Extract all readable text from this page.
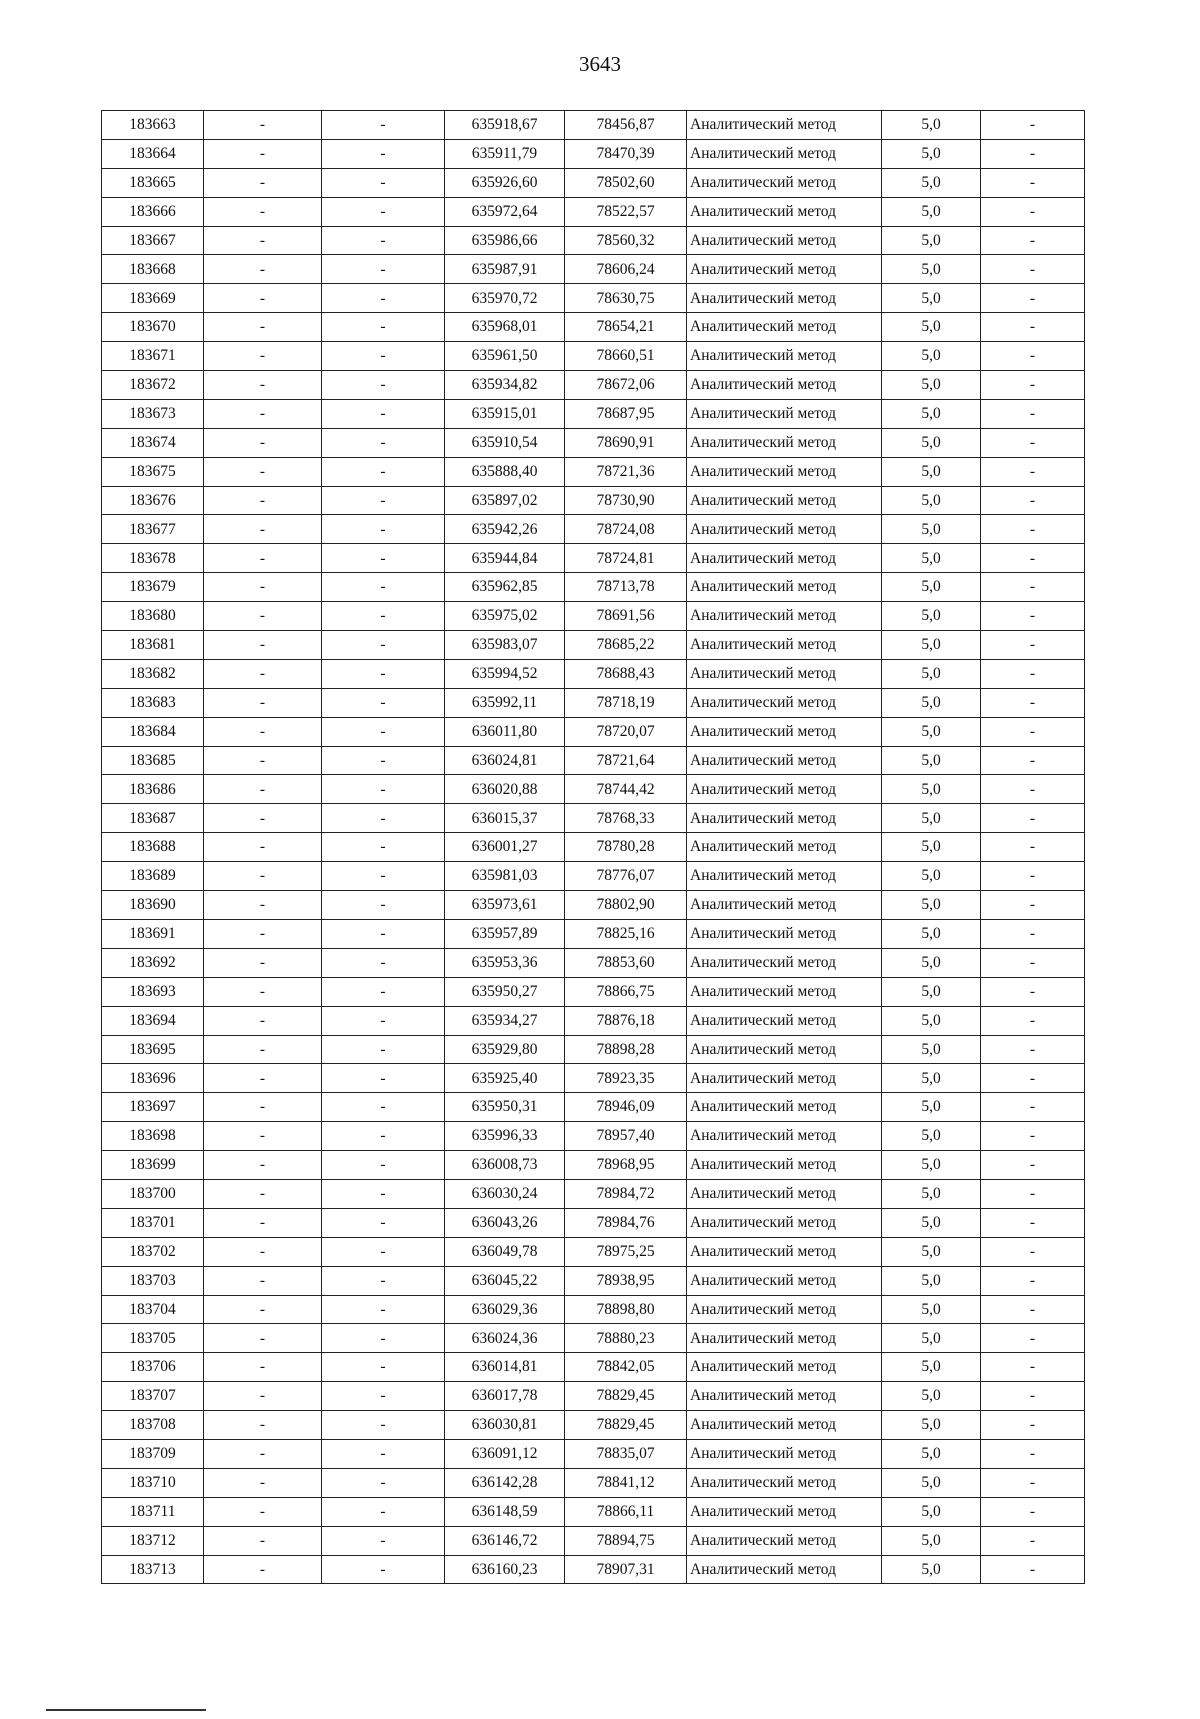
3643
183663	-	-	635918,67	78456,87	Аналитический метод	5,0	-
183664	-	-	635911,79	78470,39	Аналитический метод	5,0	-
183665	-	-	635926,60	78502,60	Аналитический метод	5,0	-
183666	-	-	635972,64	78522,57	Аналитический метод	5,0	-
183667	-	-	635986,66	78560,32	Аналитический метод	5,0	-
183668	-	-	635987,91	78606,24	Аналитический метод	5,0	-
183669	-	-	635970,72	78630,75	Аналитический метод	5,0	-
183670	-	-	635968,01	78654,21	Аналитический метод	5,0	-
183671	-	-	635961,50	78660,51	Аналитический метод	5,0	-
183672	-	-	635934,82	78672,06	Аналитический метод	5,0	-
183673	-	-	635915,01	78687,95	Аналитический метод	5,0	-
183674	-	-	635910,54	78690,91	Аналитический метод	5,0	-
183675	-	-	635888,40	78721,36	Аналитический метод	5,0	-
183676	-	-	635897,02	78730,90	Аналитический метод	5,0	-
183677	-	-	635942,26	78724,08	Аналитический метод	5,0	-
183678	-	-	635944,84	78724,81	Аналитический метод	5,0	-
183679	-	-	635962,85	78713,78	Аналитический метод	5,0	-
183680	-	-	635975,02	78691,56	Аналитический метод	5,0	-
183681	-	-	635983,07	78685,22	Аналитический метод	5,0	-
183682	-	-	635994,52	78688,43	Аналитический метод	5,0	-
183683	-	-	635992,11	78718,19	Аналитический метод	5,0	-
183684	-	-	636011,80	78720,07	Аналитический метод	5,0	-
183685	-	-	636024,81	78721,64	Аналитический метод	5,0	-
183686	-	-	636020,88	78744,42	Аналитический метод	5,0	-
183687	-	-	636015,37	78768,33	Аналитический метод	5,0	-
183688	-	-	636001,27	78780,28	Аналитический метод	5,0	-
183689	-	-	635981,03	78776,07	Аналитический метод	5,0	-
183690	-	-	635973,61	78802,90	Аналитический метод	5,0	-
183691	-	-	635957,89	78825,16	Аналитический метод	5,0	-
183692	-	-	635953,36	78853,60	Аналитический метод	5,0	-
183693	-	-	635950,27	78866,75	Аналитический метод	5,0	-
183694	-	-	635934,27	78876,18	Аналитический метод	5,0	-
183695	-	-	635929,80	78898,28	Аналитический метод	5,0	-
183696	-	-	635925,40	78923,35	Аналитический метод	5,0	-
183697	-	-	635950,31	78946,09	Аналитический метод	5,0	-
183698	-	-	635996,33	78957,40	Аналитический метод	5,0	-
183699	-	-	636008,73	78968,95	Аналитический метод	5,0	-
183700	-	-	636030,24	78984,72	Аналитический метод	5,0	-
183701	-	-	636043,26	78984,76	Аналитический метод	5,0	-
183702	-	-	636049,78	78975,25	Аналитический метод	5,0	-
183703	-	-	636045,22	78938,95	Аналитический метод	5,0	-
183704	-	-	636029,36	78898,80	Аналитический метод	5,0	-
183705	-	-	636024,36	78880,23	Аналитический метод	5,0	-
183706	-	-	636014,81	78842,05	Аналитический метод	5,0	-
183707	-	-	636017,78	78829,45	Аналитический метод	5,0	-
183708	-	-	636030,81	78829,45	Аналитический метод	5,0	-
183709	-	-	636091,12	78835,07	Аналитический метод	5,0	-
183710	-	-	636142,28	78841,12	Аналитический метод	5,0	-
183711	-	-	636148,59	78866,11	Аналитический метод	5,0	-
183712	-	-	636146,72	78894,75	Аналитический метод	5,0	-
183713	-	-	636160,23	78907,31	Аналитический метод	5,0	-
